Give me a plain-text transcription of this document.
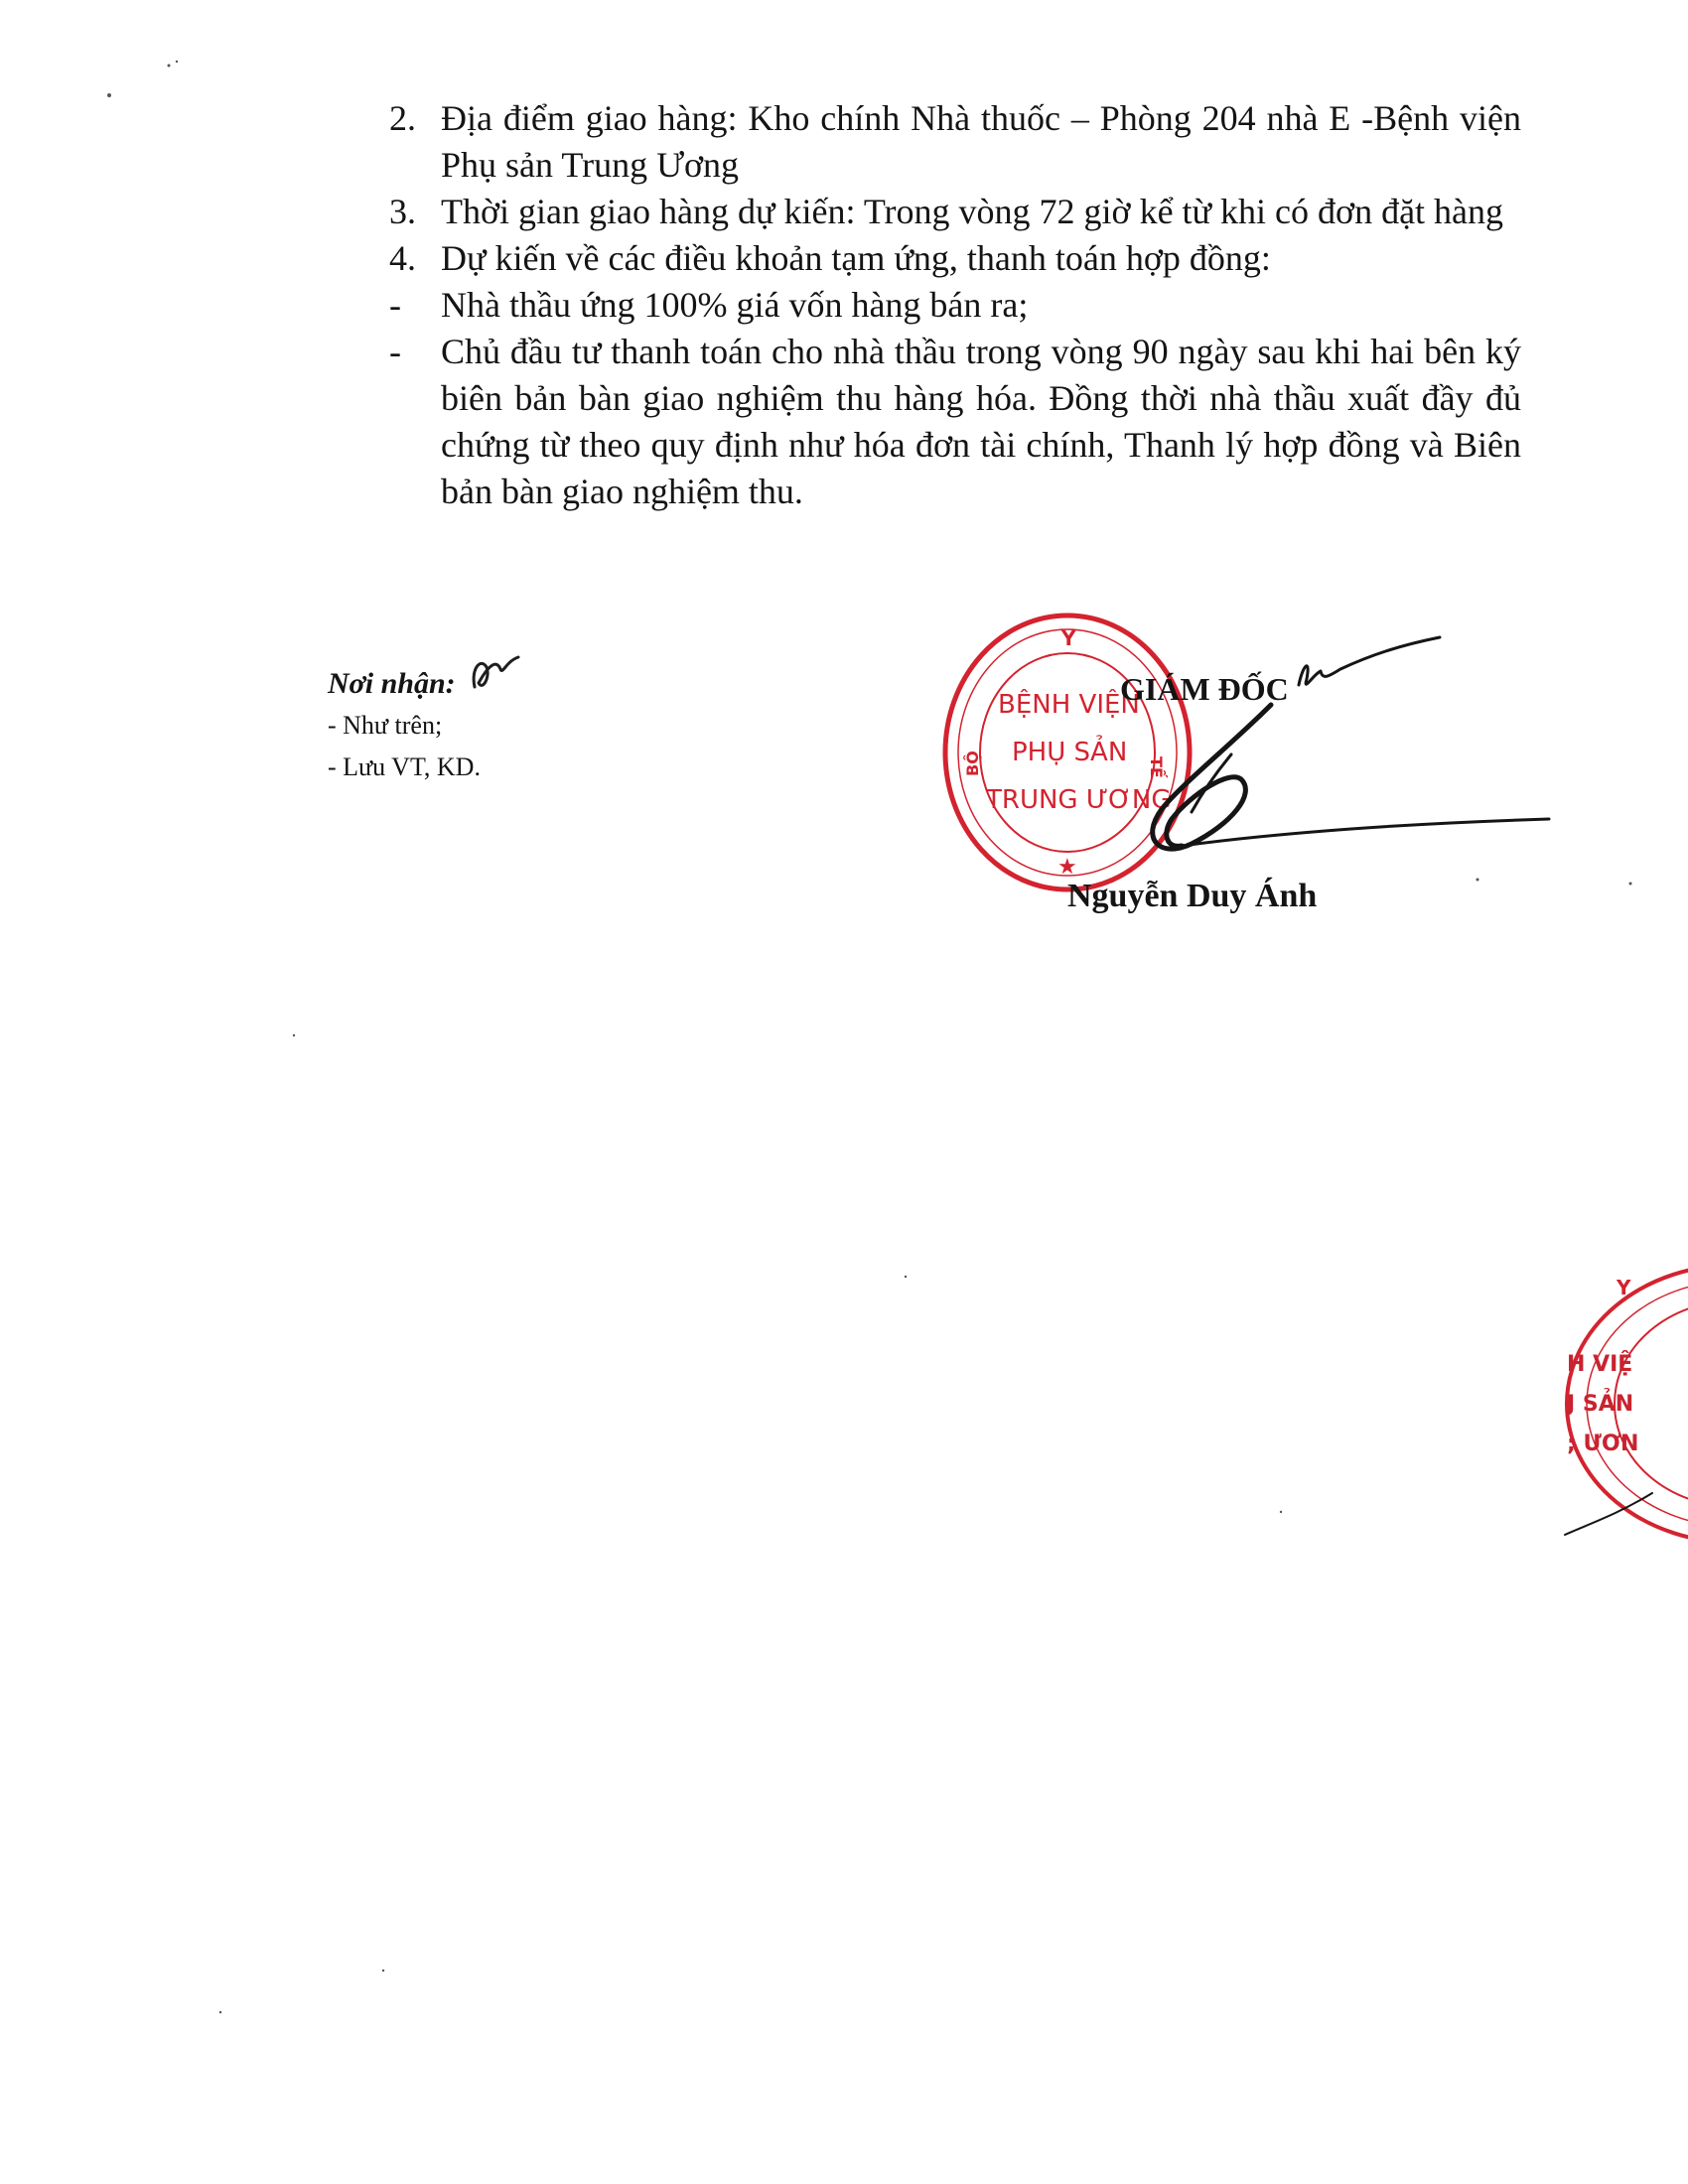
2. Địa điểm giao hàng: Kho chính Nhà thuốc – Phòng 204 nhà E -Bệnh viện Phụ sản Trung Ương
3. Thời gian giao hàng dự kiến: Trong vòng 72 giờ kể từ khi có đơn đặt hàng
4. Dự kiến về các điều khoản tạm ứng, thanh toán hợp đồng:
- Nhà thầu ứng 100% giá vốn hàng bán ra;
- Chủ đầu tư thanh toán cho nhà thầu trong vòng 90 ngày sau khi hai bên ký biên bản bàn giao nghiệm thu hàng hóa. Đồng thời nhà thầu xuất đầy đủ chứng từ theo quy định như hóa đơn tài chính, Thanh lý hợp đồng và Biên bản bàn giao nghiệm thu.
Nơi nhận:
- Như trên;
- Lưu VT, KD.
Y
★
BỘ	TẾ
BỆNH VIỆN
PHỤ SẢN
TRUNG ƯƠNG
GIÁM ĐỐC
Nguyễn Duy Ánh
Y
H VIỆ
J SẢN
; ƯƠN
